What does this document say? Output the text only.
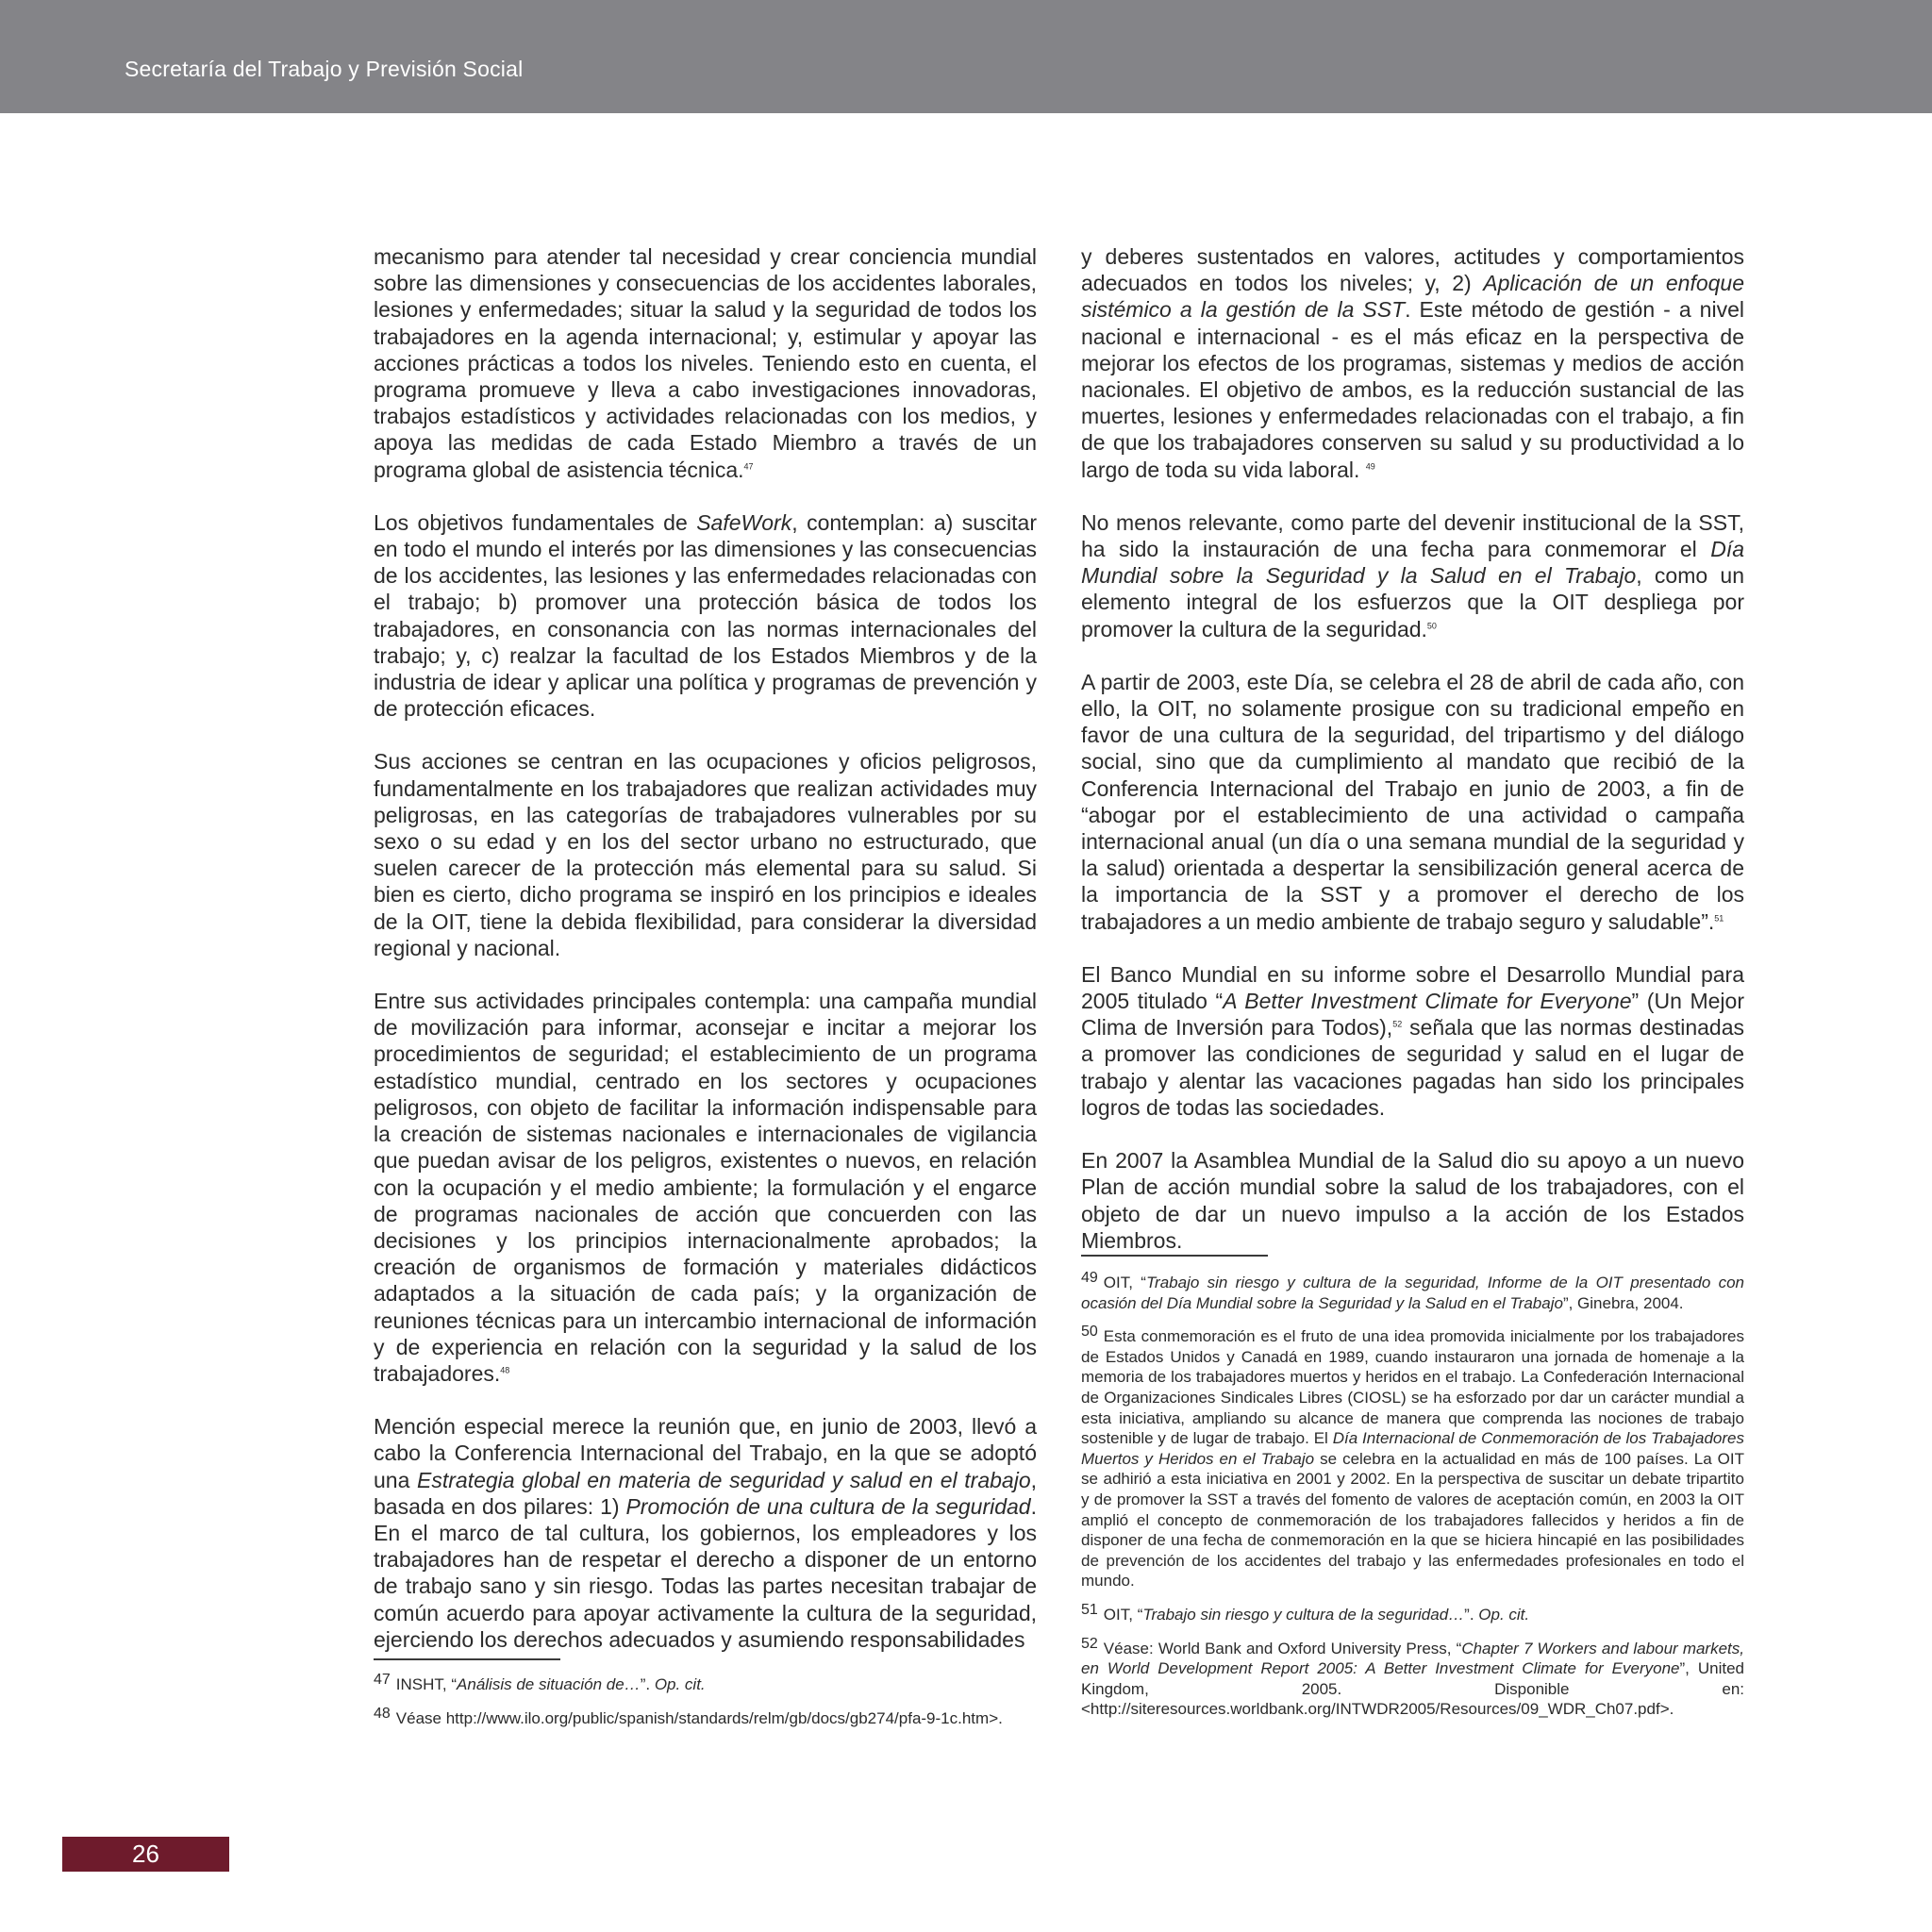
Secretaría del Trabajo y Previsión Social

mecanismo para atender tal necesidad y crear conciencia mundial sobre las dimensiones y consecuencias de los accidentes laborales, lesiones y enfermedades; situar la salud y la seguridad de todos los trabajadores en la agenda internacional; y, estimular y apoyar las acciones prácticas a todos los niveles. Teniendo esto en cuenta, el programa promueve y lleva a cabo investigaciones innovadoras, trabajos estadísticos y actividades relacionadas con los medios, y apoya las medidas de cada Estado Miembro a través de un programa global de asistencia técnica.$^{47}$

Los objetivos fundamentales de SafeWork, contemplan: a) suscitar en todo el mundo el interés por las dimensiones y las consecuencias de los accidentes, las lesiones y las enfermedades relacionadas con el trabajo; b) promover una protección básica de todos los trabajadores, en consonancia con las normas internacionales del trabajo; y, c) realzar la facultad de los Estados Miembros y de la industria de idear y aplicar una política y programas de prevención y de protección eficaces.

Sus acciones se centran en las ocupaciones y oficios peligrosos, fundamentalmente en los trabajadores que realizan actividades muy peligrosas, en las categorías de trabajadores vulnerables por su sexo o su edad y en los del sector urbano no estructurado, que suelen carecer de la protección más elemental para su salud. Si bien es cierto, dicho programa se inspiró en los principios e ideales de la OIT, tiene la debida flexibilidad, para considerar la diversidad regional y nacional.

Entre sus actividades principales contempla: una campaña mundial de movilización para informar, aconsejar e incitar a mejorar los procedimientos de seguridad; el establecimiento de un programa estadístico mundial, centrado en los sectores y ocupaciones peligrosos, con objeto de facilitar la información indispensable para la creación de sistemas nacionales e internacionales de vigilancia que puedan avisar de los peligros, existentes o nuevos, en relación con la ocupación y el medio ambiente; la formulación y el engarce de programas nacionales de acción que concuerden con las decisiones y los principios internacionalmente aprobados; la creación de organismos de formación y materiales didácticos adaptados a la situación de cada país; y la organización de reuniones técnicas para un intercambio internacional de información y de experiencia en relación con la seguridad y la salud de los trabajadores.$^{48}$

Mención especial merece la reunión que, en junio de 2003, llevó a cabo la Conferencia Internacional del Trabajo, en la que se adoptó una Estrategia global en materia de seguridad y salud en el trabajo, basada en dos pilares: 1) Promoción de una cultura de la seguridad. En el marco de tal cultura, los gobiernos, los empleadores y los trabajadores han de respetar el derecho a disponer de un entorno de trabajo sano y sin riesgo. Todas las partes necesitan trabajar de común acuerdo para apoyar activamente la cultura de la seguridad, ejerciendo los derechos adecuados y asumiendo responsabilidades

y deberes sustentados en valores, actitudes y comportamientos adecuados en todos los niveles; y, 2) Aplicación de un enfoque sistémico a la gestión de la SST. Este método de gestión - a nivel nacional e internacional - es el más eficaz en la perspectiva de mejorar los efectos de los programas, sistemas y medios de acción nacionales. El objetivo de ambos, es la reducción sustancial de las muertes, lesiones y enfermedades relacionadas con el trabajo, a fin de que los trabajadores conserven su salud y su productividad a lo largo de toda su vida laboral. $^{49}$

No menos relevante, como parte del devenir institucional de la SST, ha sido la instauración de una fecha para conmemorar el Día Mundial sobre la Seguridad y la Salud en el Trabajo, como un elemento integral de los esfuerzos que la OIT despliega por promover la cultura de la seguridad.$^{50}$

A partir de 2003, este Día, se celebra el 28 de abril de cada año, con ello, la OIT, no solamente prosigue con su tradicional empeño en favor de una cultura de la seguridad, del tripartismo y del diálogo social, sino que da cumplimiento al mandato que recibió de la Conferencia Internacional del Trabajo en junio de 2003, a fin de “abogar por el establecimiento de una actividad o campaña internacional anual (un día o una semana mundial de la seguridad y la salud) orientada a despertar la sensibilización general acerca de la importancia de la SST y a promover el derecho de los trabajadores a un medio ambiente de trabajo seguro y saludable”.$^{51}$

El Banco Mundial en su informe sobre el Desarrollo Mundial para 2005 titulado “A Better Investment Climate for Everyone” (Un Mejor Clima de Inversión para Todos),$^{52}$ señala que las normas destinadas a promover las condiciones de seguridad y salud en el lugar de trabajo y alentar las vacaciones pagadas han sido los principales logros de todas las sociedades.

En 2007 la Asamblea Mundial de la Salud dio su apoyo a un nuevo Plan de acción mundial sobre la salud de los trabajadores, con el objeto de dar un nuevo impulso a la acción de los Estados Miembros.

47 INSHT, “Análisis de situación de…”. Op. cit.
48 Véase http://www.ilo.org/public/spanish/standards/relm/gb/docs/gb274/pfa-9-1c.htm>.
49 OIT, “Trabajo sin riesgo y cultura de la seguridad, Informe de la OIT presentado con ocasión del Día Mundial sobre la Seguridad y la Salud en el Trabajo”, Ginebra, 2004.
50 Esta conmemoración es el fruto de una idea promovida inicialmente por los trabajadores de Estados Unidos y Canadá en 1989, cuando instauraron una jornada de homenaje a la memoria de los trabajadores muertos y heridos en el trabajo. La Confederación Internacional de Organizaciones Sindicales Libres (CIOSL) se ha esforzado por dar un carácter mundial a esta iniciativa, ampliando su alcance de manera que comprenda las nociones de trabajo sostenible y de lugar de trabajo. El Día Internacional de Conmemoración de los Trabajadores Muertos y Heridos en el Trabajo se celebra en la actualidad en más de 100 países. La OIT se adhirió a esta iniciativa en 2001 y 2002. En la perspectiva de suscitar un debate tripartito y de promover la SST a través del fomento de valores de aceptación común, en 2003 la OIT amplió el concepto de conmemoración de los trabajadores fallecidos y heridos a fin de disponer de una fecha de conmemoración en la que se hiciera hincapié en las posibilidades de prevención de los accidentes del trabajo y las enfermedades profesionales en todo el mundo.
51 OIT, “Trabajo sin riesgo y cultura de la seguridad…”. Op. cit.
52 Véase: World Bank and Oxford University Press, “Chapter 7 Workers and labour markets, en World Development Report 2005: A Better Investment Climate for Everyone”, United Kingdom, 2005. Disponible en: <http://siteresources.worldbank.org/INTWDR2005/Resources/09_WDR_Ch07.pdf>.
26
